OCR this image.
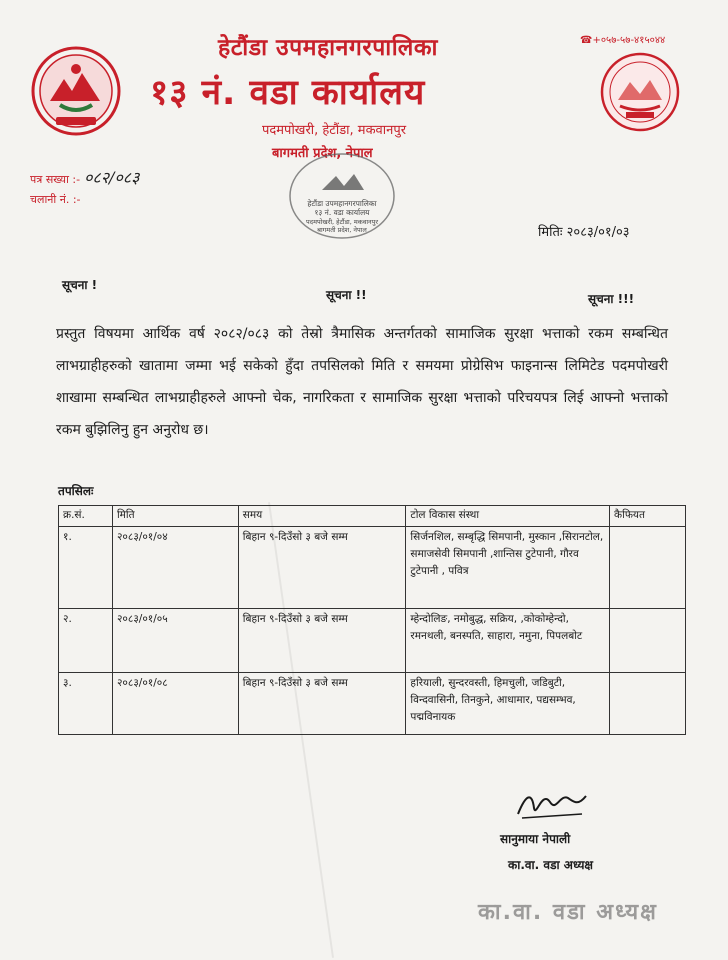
☎+०५७-५७-४१५०४४
हेटौंडा उपमहानगरपालिका
१३ नं. वडा कार्यालय
पदमपोखरी, हेटौंडा, मकवानपुर
बागमती प्रदेश, नेपाल
पत्र सख्या :- ०८२/०८३
चलानी नं. :-	हेटौंडा उपमहानगरपालिका
१३ नं. वडा कार्यालय
पदमपोखरी, हेटौंडा, मकवानपुर
बागमती प्रदेश, नेपाल	मितिः २०८३/०१/०३
सूचना !
सूचना !!	सूचना !!!
प्रस्तुत विषयमा आर्थिक वर्ष २०८२/०८३ को तेस्रो त्रैमासिक अन्तर्गतको सामाजिक सुरक्षा भत्ताको रकम सम्बन्धित लाभग्राहीहरुको खातामा जम्मा भई सकेको हुँदा तपसिलको मिति र समयमा प्रोग्रेसिभ फाइनान्स लिमिटेड पदमपोखरी शाखामा सम्बन्धित लाभग्राहीहरुले आफ्नो चेक, नागरिकता र सामाजिक सुरक्षा भत्ताको परिचयपत्र लिई आफ्नो भत्ताको रकम बुझिलिनु हुन अनुरोध छ।
तपसिलः
क्र.सं.	मिति	समय	टोल विकास संस्था	कैफियत
१.	२०८३/०१/०४	बिहान ९-दिउँसो ३ बजे सम्म	सिर्जनशिल, सम्बृद्धि सिमपानी, मुस्कान ,सिरानटोल, समाजसेवी सिमपानी ,शान्तिस टुटेपानी, गौरव टुटेपानी , पवित्र	
२.	२०८३/०१/०५	बिहान ९-दिउँसो ३ बजे सम्म	म्हेन्दोलिङ, नमोबुद्ध, सक्रिय, ,कोकोम्हेन्दो, रमनथली, बनस्पति, साहारा, नमुना, पिपलबोट	
३.	२०८३/०१/०८	बिहान ९-दिउँसो ३ बजे सम्म	हरियाली, सुन्दरवस्ती, हिमचुली, जडिबुटी, विन्दवासिनी, तिनकुने, आधामार, पद्यसम्भव, पद्मविनायक	
सानुमाया नेपाली
का.वा. वडा अध्यक्ष
का.वा. वडा अध्यक्ष
